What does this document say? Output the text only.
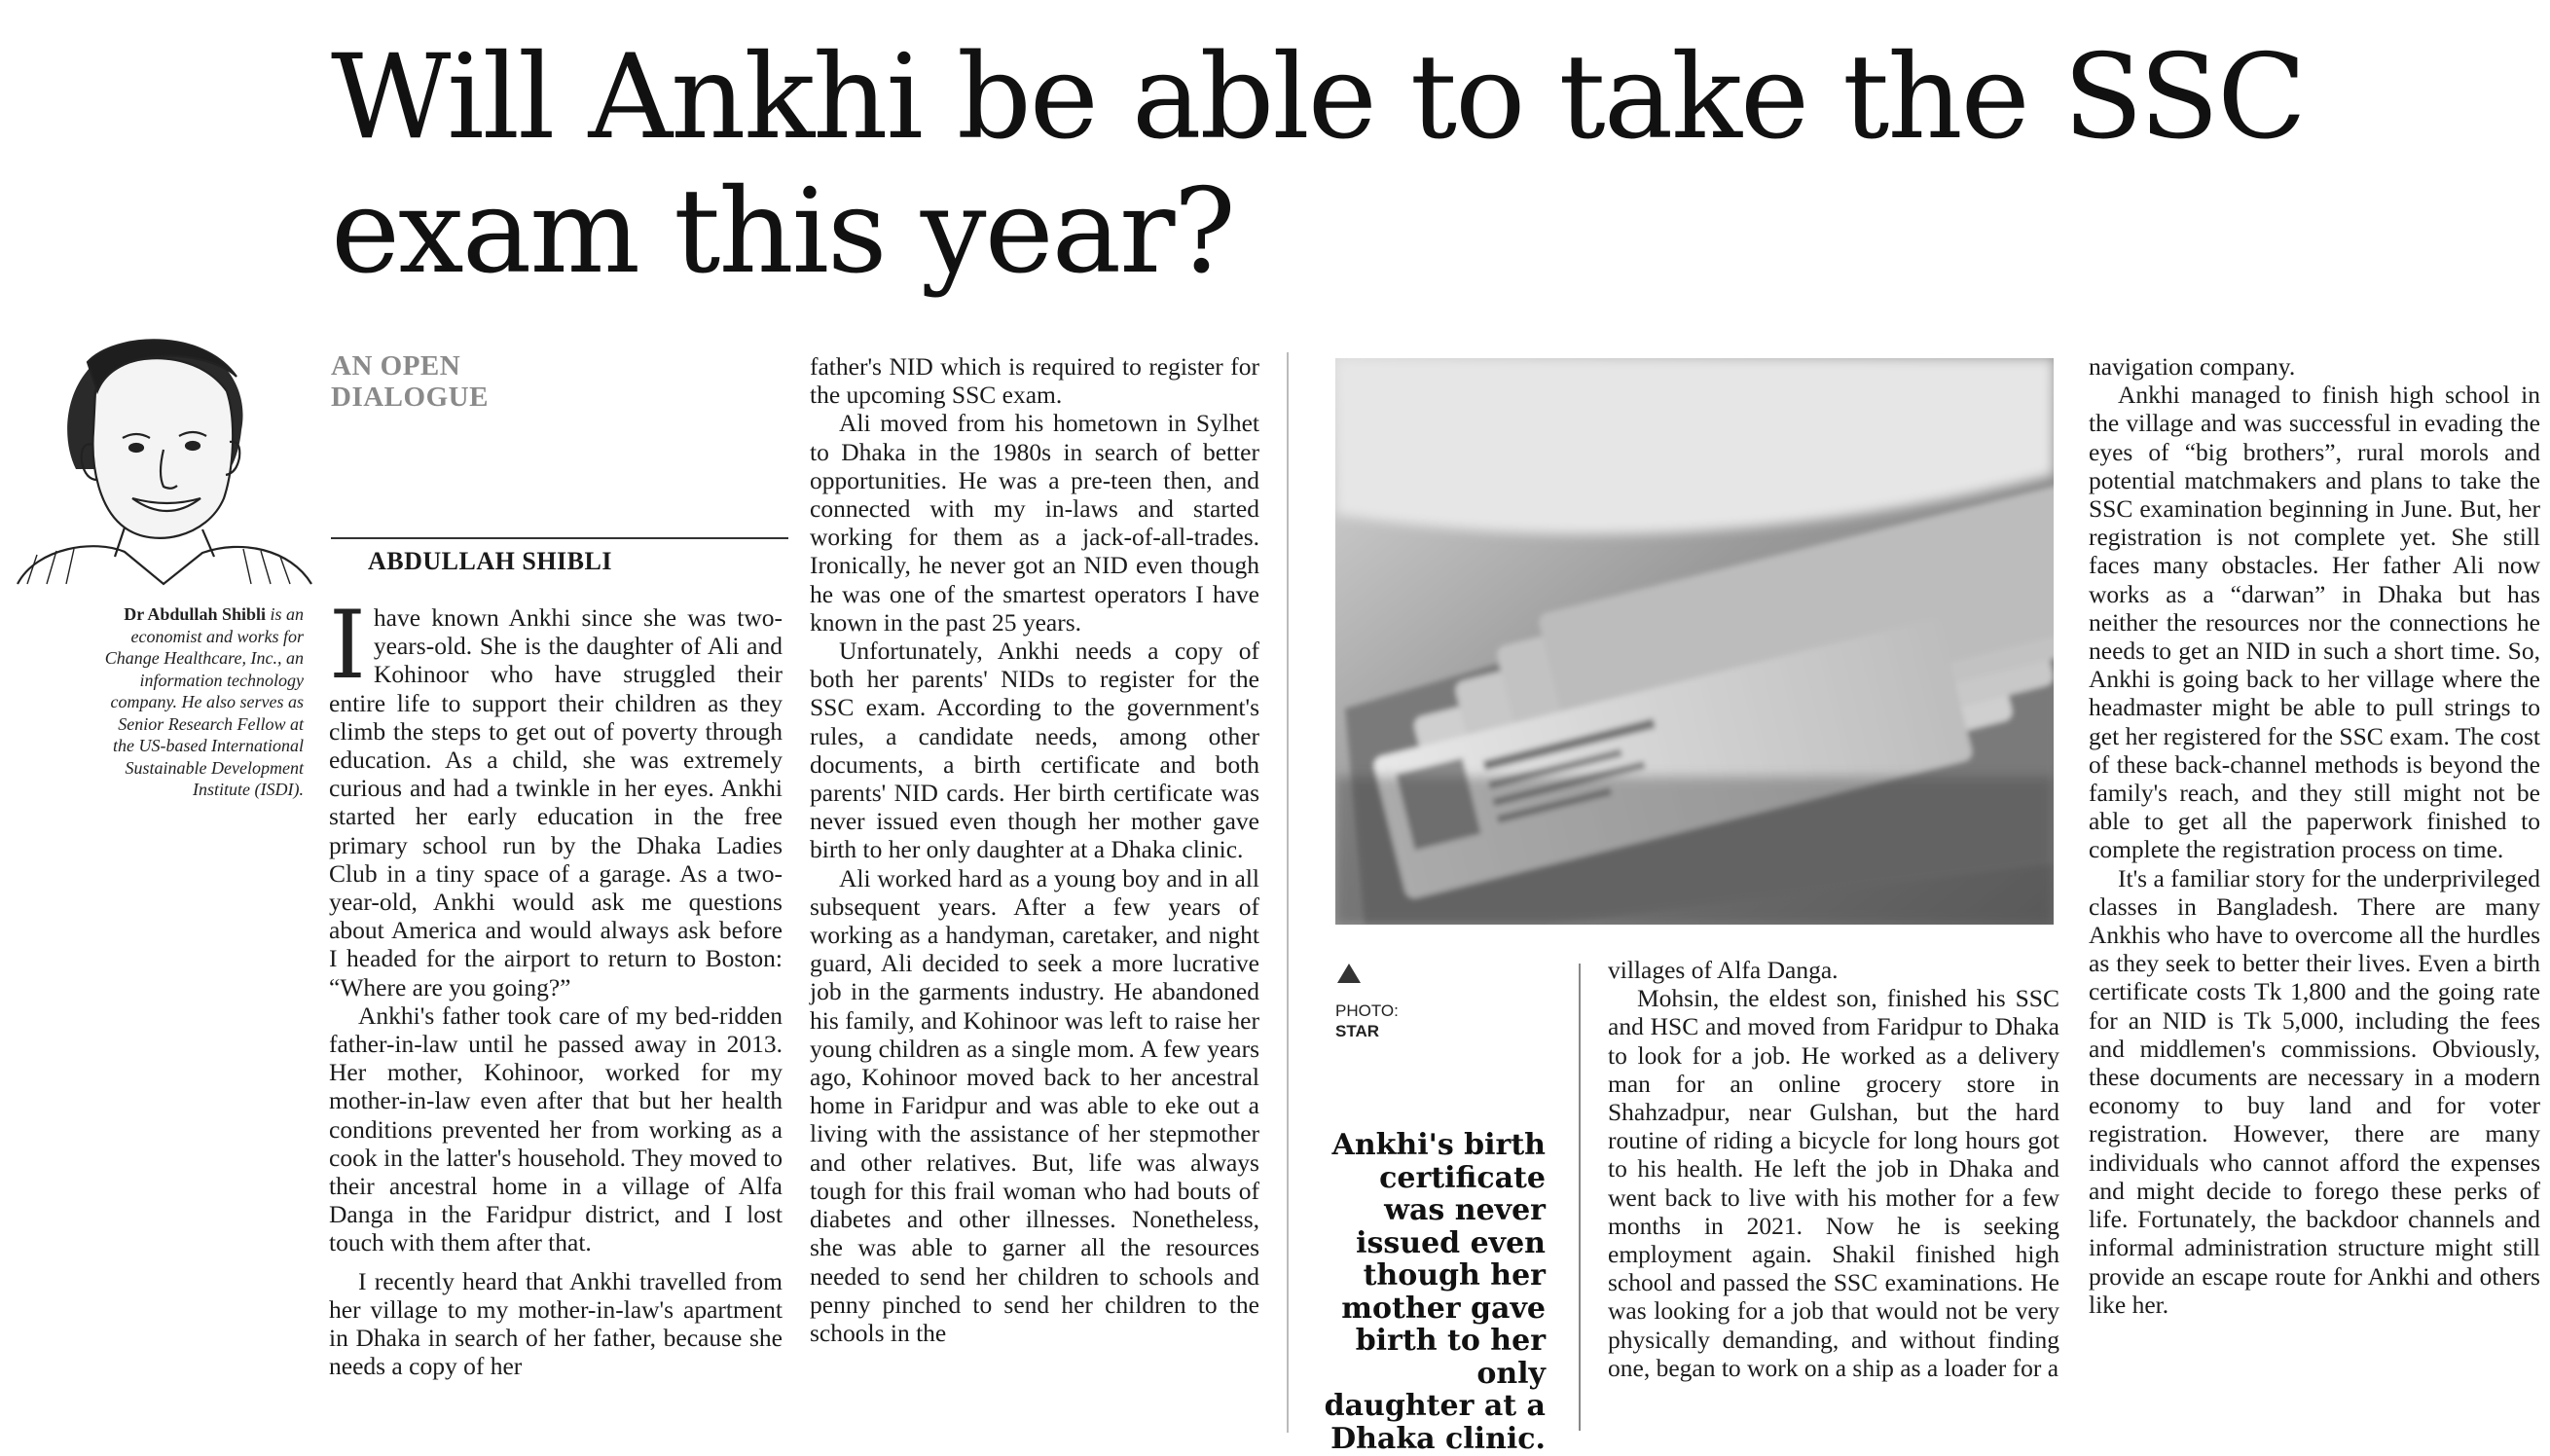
Will Ankhi be able to take the SSC exam this year?
AN OPEN
DIALOGUE
ABDULLAH SHIBLI
Dr Abdullah Shibli is an economist and works for Change Healthcare, Inc., an information technology company. He also serves as Senior Research Fellow at the US-based International Sustainable Development Institute (ISDI).

Ihave known Ankhi since she was two-years-old. She is the daughter of Ali and Kohinoor who have struggled their entire life to support their children as they climb the steps to get out of poverty through education. As a child, she was extremely curious and had a twinkle in her eyes. Ankhi started her early education in the free primary school run by the Dhaka Ladies Club in a tiny space of a garage. As a two-year-old, Ankhi would ask me questions about America and would always ask before I headed for the airport to return to Boston: “Where are you going?”

Ankhi's father took care of my bed-ridden father-in-law until he passed away in 2013. Her mother, Kohinoor, worked for my mother-in-law even after that but her health conditions prevented her from working as a cook in the latter's household. They moved to their ancestral home in a village of Alfa Danga in the Faridpur district, and I lost touch with them after that.

I recently heard that Ankhi travelled from her village to my mother-in-law's apartment in Dhaka in search of her father, because she needs a copy of her

father's NID which is required to register for the upcoming SSC exam.

Ali moved from his hometown in Sylhet to Dhaka in the 1980s in search of better opportunities. He was a pre-teen then, and connected with my in-laws and started working for them as a jack-of-all-trades. Ironically, he never got an NID even though he was one of the smartest operators I have known in the past 25 years.

Unfortunately, Ankhi needs a copy of both her parents' NIDs to register for the SSC exam. According to the government's rules, a candidate needs, among other documents, a birth certificate and both parents' NID cards. Her birth certificate was never issued even though her mother gave birth to her only daughter at a Dhaka clinic.

Ali worked hard as a young boy and in all subsequent years. After a few years of working as a handyman, caretaker, and night guard, Ali decided to seek a more lucrative job in the garments industry. He abandoned his family, and Kohinoor was left to raise her young children as a single mom. A few years ago, Kohinoor moved back to her ancestral home in Faridpur and was able to eke out a living with the assistance of her stepmother and other relatives. But, life was always tough for this frail woman who had bouts of diabetes and other illnesses. Nonetheless, she was able to garner all the resources needed to send her children to schools and penny pinched to send her children to the schools in the

PHOTO:
STAR
Ankhi's birth certificate was never issued even though her mother gave birth to her only daughter at a Dhaka clinic.

villages of Alfa Danga.

Mohsin, the eldest son, finished his SSC and HSC and moved from Faridpur to Dhaka to look for a job. He worked as a delivery man for an online grocery store in Shahzadpur, near Gulshan, but the hard routine of riding a bicycle for long hours got to his health. He left the job in Dhaka and went back to live with his mother for a few months in 2021. Now he is seeking employment again. Shakil finished high school and passed the SSC examinations. He was looking for a job that would not be very physically demanding, and without finding one, began to work on a ship as a loader for a

navigation company.

Ankhi managed to finish high school in the village and was successful in evading the eyes of “big brothers”, rural morols and potential matchmakers and plans to take the SSC examination beginning in June. But, her registration is not complete yet. She still faces many obstacles. Her father Ali now works as a “darwan” in Dhaka but has neither the resources nor the connections he needs to get an NID in such a short time. So, Ankhi is going back to her village where the headmaster might be able to pull strings to get her registered for the SSC exam. The cost of these back-channel methods is beyond the family's reach, and they still might not be able to get all the paperwork finished to complete the registration process on time.

It's a familiar story for the underprivileged classes in Bangladesh. There are many Ankhis who have to overcome all the hurdles as they seek to better their lives. Even a birth certificate costs Tk 1,800 and the going rate for an NID is Tk 5,000, including the fees and middlemen's commissions. Obviously, these documents are necessary in a modern economy to buy land and for voter registration. However, there are many individuals who cannot afford the expenses and might decide to forego these perks of life. Fortunately, the backdoor channels and informal administration structure might still provide an escape route for Ankhi and others like her.
